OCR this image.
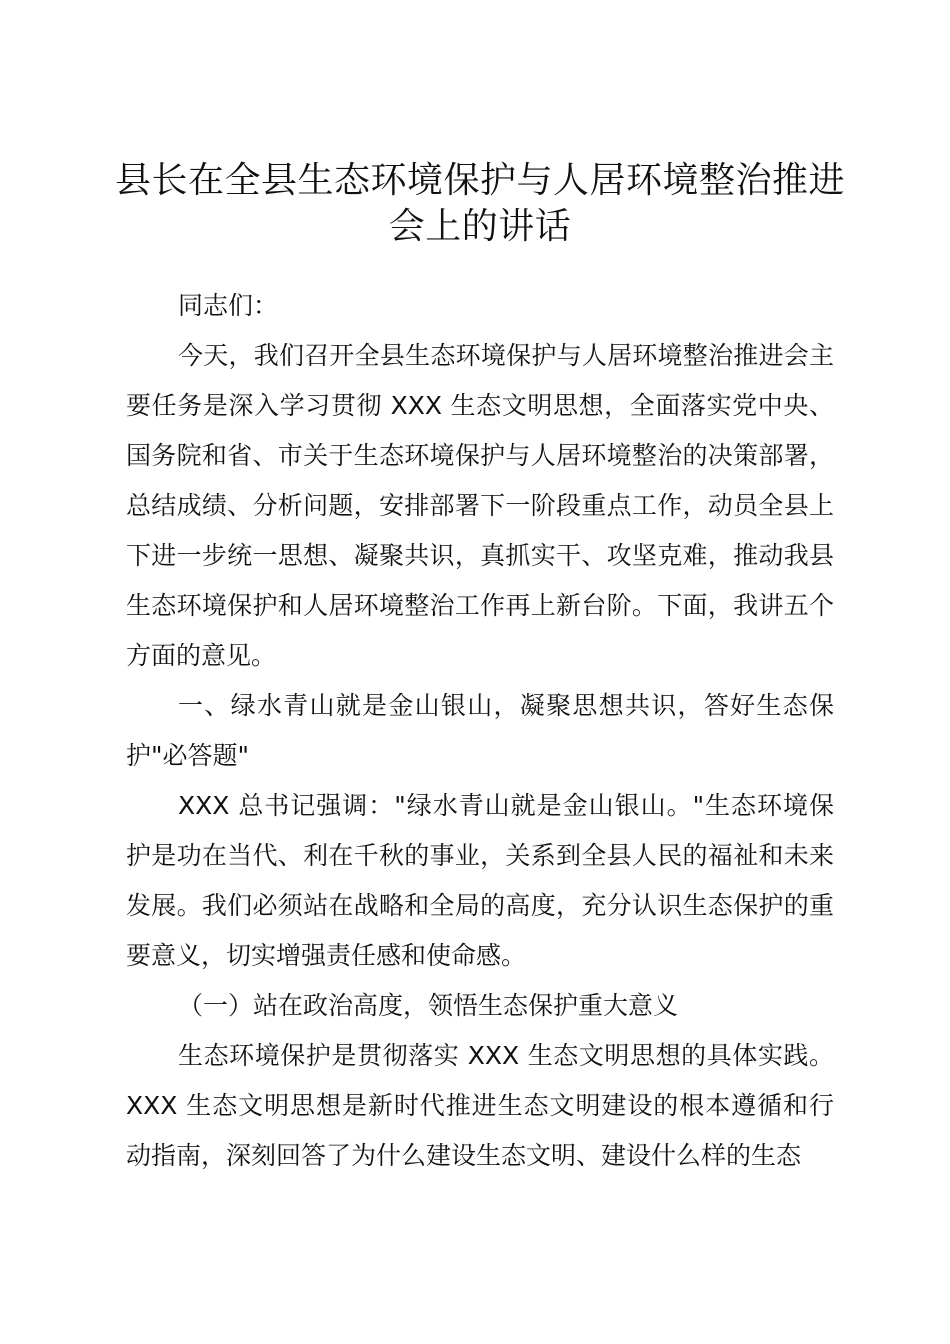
县长在全县生态环境保护与人居环境整治推进
会上的讲话

同志们：

今天，我们召开全县生态环境保护与人居环境整治推进会主要任务是深入学习贯彻 XXX 生态文明思想，全面落实党中央、国务院和省、市关于生态环境保护与人居环境整治的决策部署，总结成绩、分析问题，安排部署下一阶段重点工作，动员全县上下进一步统一思想、凝聚共识，真抓实干、攻坚克难，推动我县生态环境保护和人居环境整治工作再上新台阶。下面，我讲五个方面的意见。

一、绿水青山就是金山银山，凝聚思想共识，答好生态保护"必答题"

XXX 总书记强调："绿水青山就是金山银山。"生态环境保护是功在当代、利在千秋的事业，关系到全县人民的福祉和未来发展。我们必须站在战略和全局的高度，充分认识生态保护的重要意义，切实增强责任感和使命感。

（一）站在政治高度，领悟生态保护重大意义

生态环境保护是贯彻落实 XXX 生态文明思想的具体实践。XXX 生态文明思想是新时代推进生态文明建设的根本遵循和行动指南，深刻回答了为什么建设生态文明、建设什么样的生态
